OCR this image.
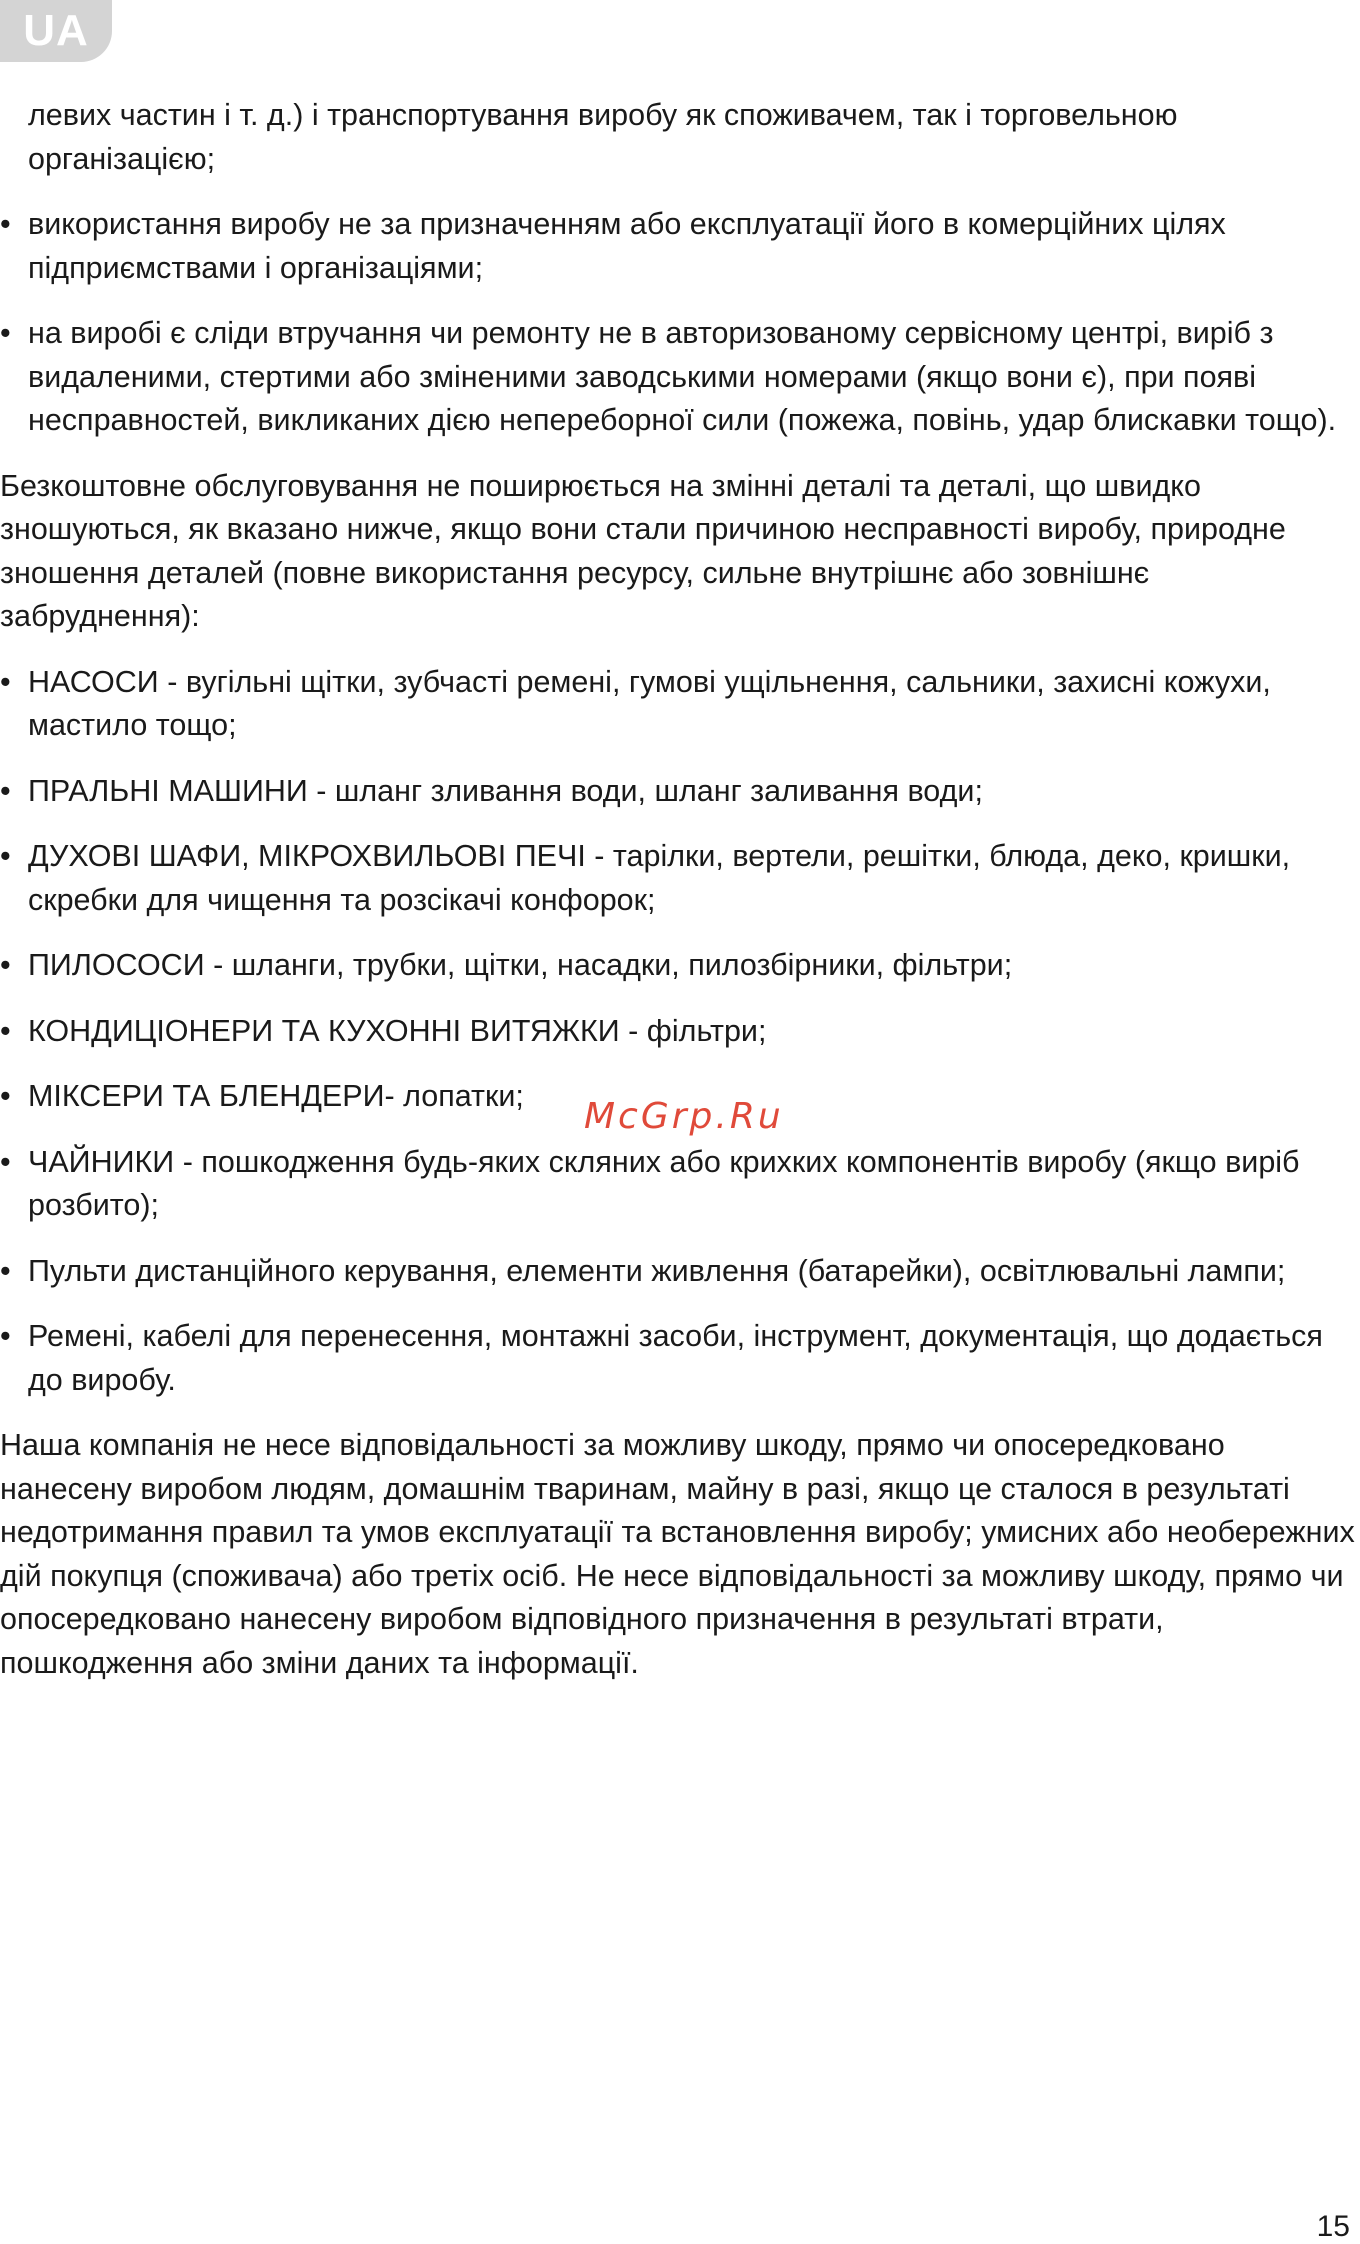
UA

левих частин і т. д.) і транспортування виробу як споживачем, так і торговельною організацією;

• використання виробу не за призначенням або експлуатації його в комерційних цілях підприємствами і організаціями;
• на виробі є сліди втручання чи ремонту не в авторизованому сервісному центрі, виріб з видаленими, стертими або зміненими заводськими номерами (якщо вони є), при появі несправностей, викликаних дією непереборної сили (пожежа, повінь, удар блискавки тощо).

Безкоштовне обслуговування не поширюється на змінні деталі та деталі, що швидко зношуються, як вказано нижче, якщо вони стали причиною несправності виробу, природне зношення деталей (повне використання ресурсу, сильне внутрішнє або зовнішнє забруднення):

• НАСОСИ - вугільні щітки, зубчасті ремені, гумові ущільнення, сальники, захисні кожухи, мастило тощо;
• ПРАЛЬНІ МАШИНИ - шланг зливання води, шланг заливання води;
• ДУХОВІ ШАФИ, МІКРОХВИЛЬОВІ ПЕЧІ - тарілки, вертели, решітки, блюда, деко, кришки, скребки для чищення та розсікачі конфорок;
• ПИЛОСОСИ - шланги, трубки, щітки, насадки, пилозбірники, фільтри;
• КОНДИЦІОНЕРИ ТА КУХОННІ ВИТЯЖКИ - фільтри;
• МІКСЕРИ ТА БЛЕНДЕРИ- лопатки;
• ЧАЙНИКИ - пошкодження будь-яких скляних або крихких компонентів виробу (якщо виріб розбито);
• Пульти дистанційного керування, елементи живлення (батарейки), освітлювальні лампи;
• Ремені, кабелі для перенесення, монтажні засоби, інструмент, документація, що додається до виробу.

Наша компанія не несе відповідальності за можливу шкоду, прямо чи опосередковано нанесену виробом людям, домашнім тваринам, майну в разі, якщо це сталося в результаті недотримання правил та умов експлуатації та встановлення виробу; умисних або необережних дій покупця (споживача) або третіх осіб. Не несе відповідальності за можливу шкоду, прямо чи опосередковано нанесену виробом відповідного призначення в результаті втрати, пошкодження або зміни даних та інформації.

McGrp.Ru
15
